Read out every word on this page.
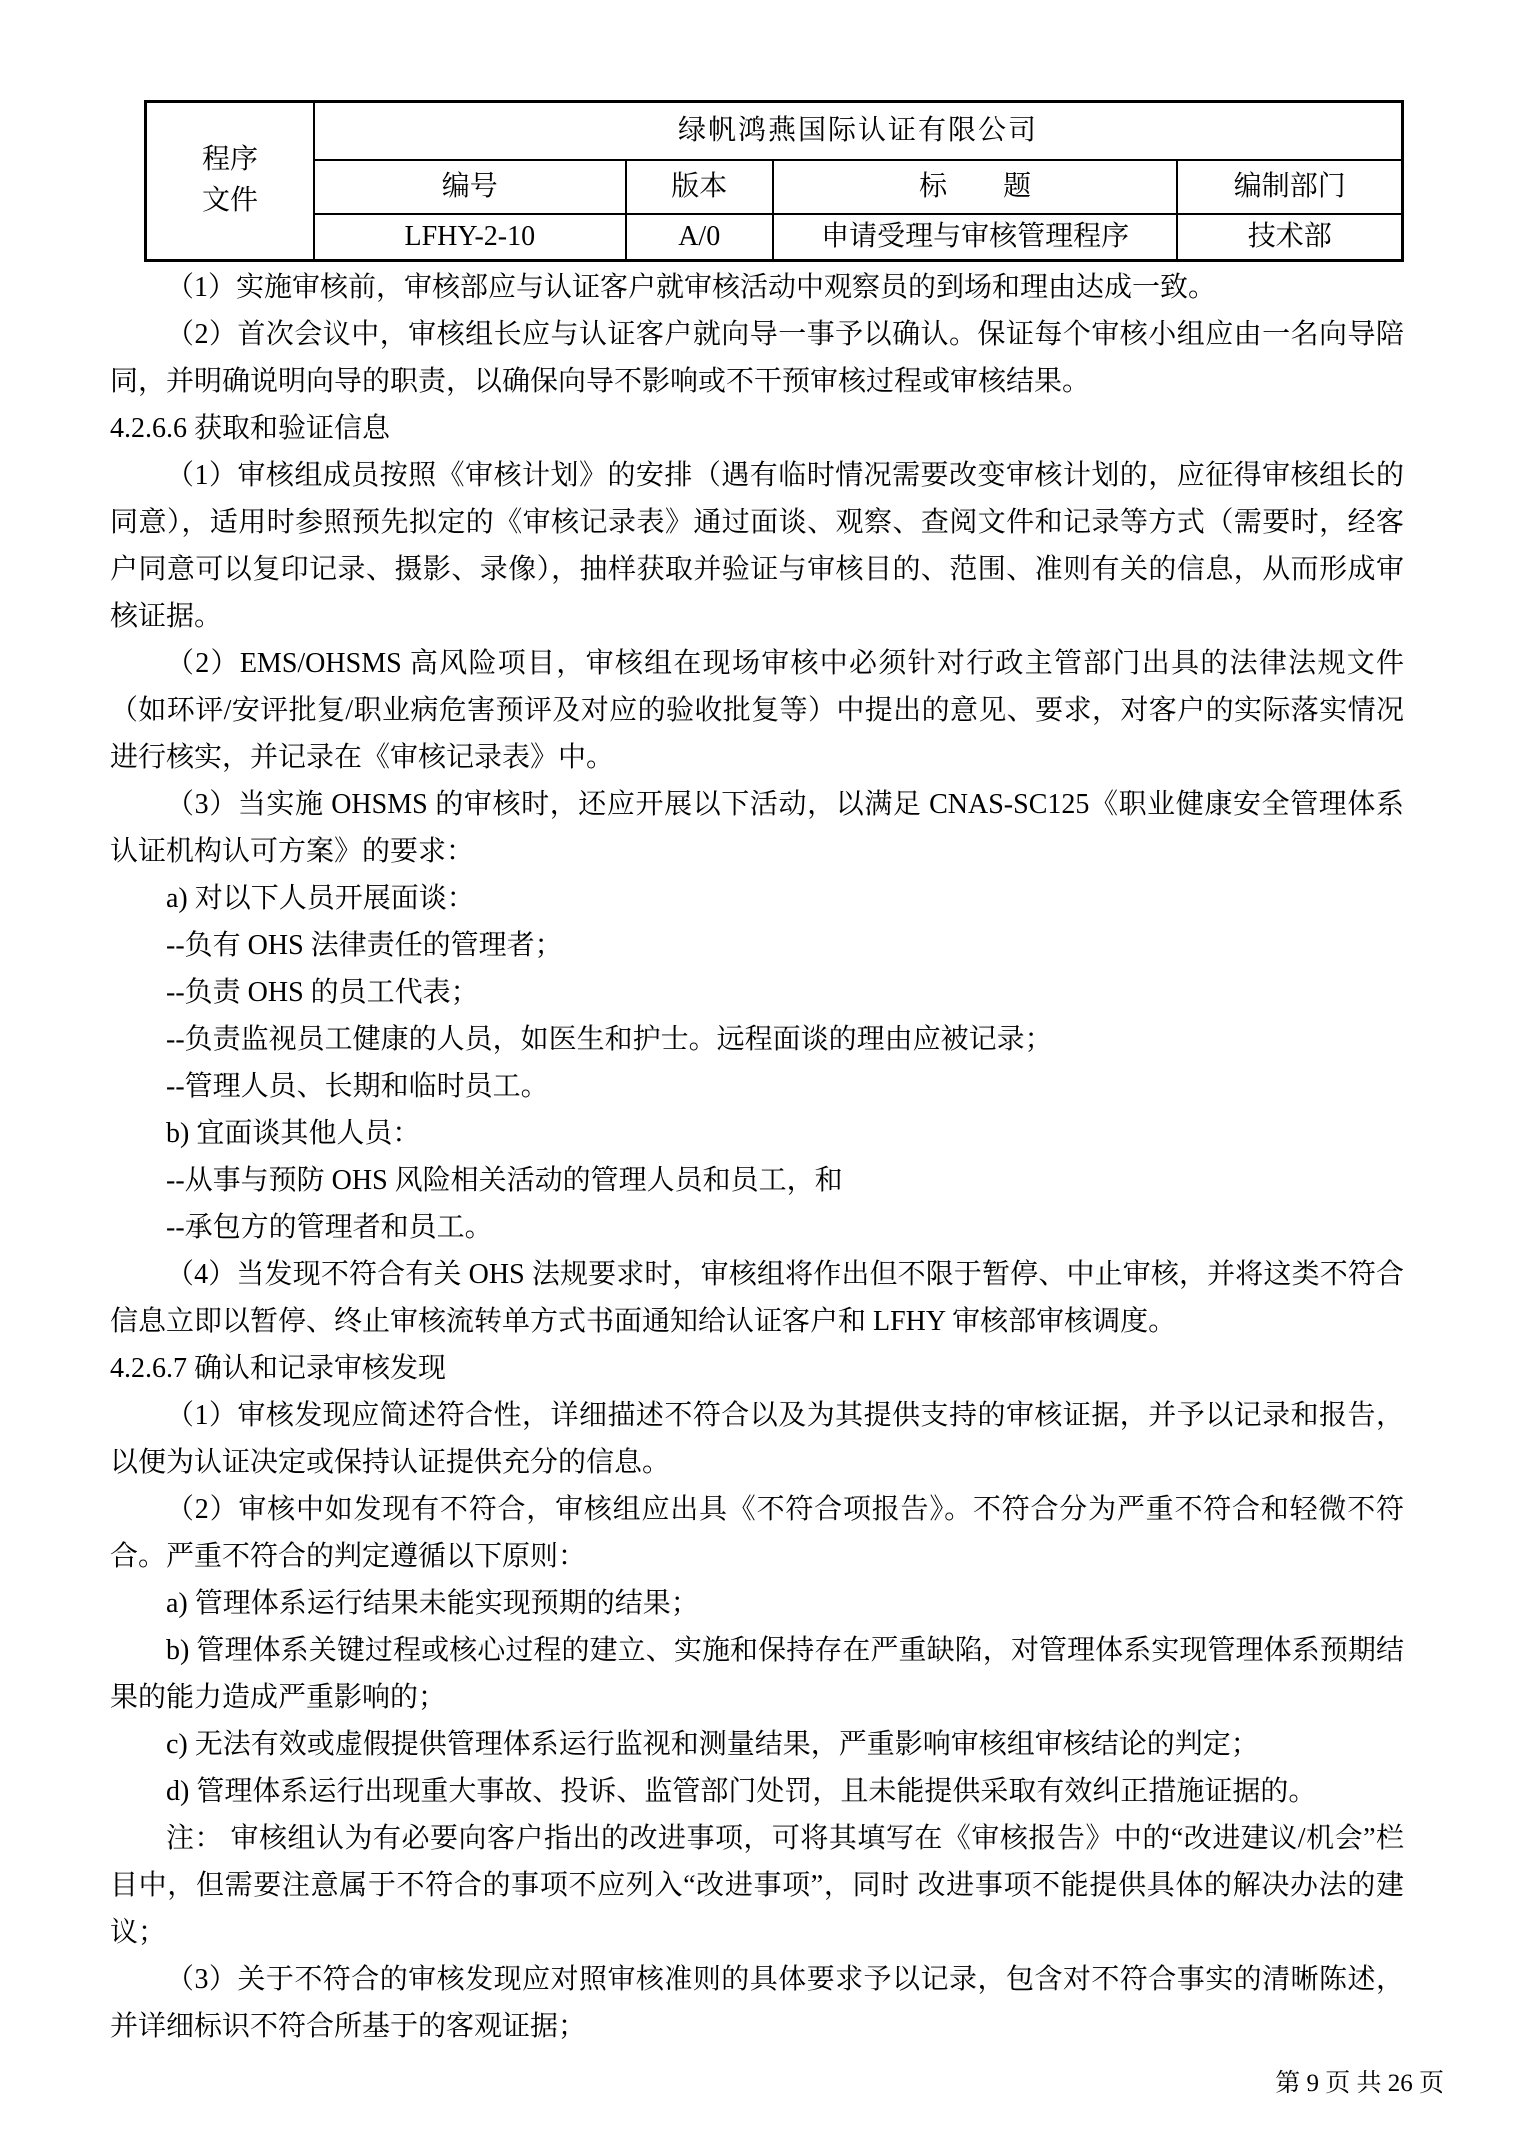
程序文件	绿帆鸿燕国际认证有限公司			
	编号	版本	标　　题	编制部门
	LFHY-2-10	A/0	申请受理与审核管理程序	技术部

（1）实施审核前，审核部应与认证客户就审核活动中观察员的到场和理由达成一致。

（2）首次会议中，审核组长应与认证客户就向导一事予以确认。保证每个审核小组应由一名向导陪同，并明确说明向导的职责，以确保向导不影响或不干预审核过程或审核结果。

4.2.6.6 获取和验证信息

（1）审核组成员按照《审核计划》的安排（遇有临时情况需要改变审核计划的，应征得审核组长的同意），适用时参照预先拟定的《审核记录表》通过面谈、观察、查阅文件和记录等方式（需要时，经客户同意可以复印记录、摄影、录像），抽样获取并验证与审核目的、范围、准则有关的信息，从而形成审核证据。

（2）EMS/OHSMS 高风险项目，审核组在现场审核中必须针对行政主管部门出具的法律法规文件（如环评/安评批复/职业病危害预评及对应的验收批复等）中提出的意见、要求，对客户的实际落实情况进行核实，并记录在《审核记录表》中。

（3）当实施 OHSMS 的审核时，还应开展以下活动，以满足 CNAS-SC125《职业健康安全管理体系认证机构认可方案》的要求：

a) 对以下人员开展面谈：

--负有 OHS 法律责任的管理者；

--负责 OHS 的员工代表；

--负责监视员工健康的人员，如医生和护士。远程面谈的理由应被记录；

--管理人员、长期和临时员工。

b) 宜面谈其他人员：

--从事与预防 OHS 风险相关活动的管理人员和员工，和

--承包方的管理者和员工。

（4）当发现不符合有关 OHS 法规要求时，审核组将作出但不限于暂停、中止审核，并将这类不符合信息立即以暂停、终止审核流转单方式书面通知给认证客户和 LFHY 审核部审核调度。

4.2.6.7 确认和记录审核发现

（1）审核发现应简述符合性，详细描述不符合以及为其提供支持的审核证据，并予以记录和报告，以便为认证决定或保持认证提供充分的信息。

（2）审核中如发现有不符合，审核组应出具《不符合项报告》。不符合分为严重不符合和轻微不符合。严重不符合的判定遵循以下原则：

a) 管理体系运行结果未能实现预期的结果；

b) 管理体系关键过程或核心过程的建立、实施和保持存在严重缺陷，对管理体系实现管理体系预期结果的能力造成严重影响的；

c) 无法有效或虚假提供管理体系运行监视和测量结果，严重影响审核组审核结论的判定；

d) 管理体系运行出现重大事故、投诉、监管部门处罚，且未能提供采取有效纠正措施证据的。

注： 审核组认为有必要向客户指出的改进事项，可将其填写在《审核报告》中的“改进建议/机会”栏目中，但需要注意属于不符合的事项不应列入“改进事项”，同时 改进事项不能提供具体的解决办法的建议；

（3）关于不符合的审核发现应对照审核准则的具体要求予以记录，包含对不符合事实的清晰陈述，并详细标识不符合所基于的客观证据；

第 9 页 共 26 页
